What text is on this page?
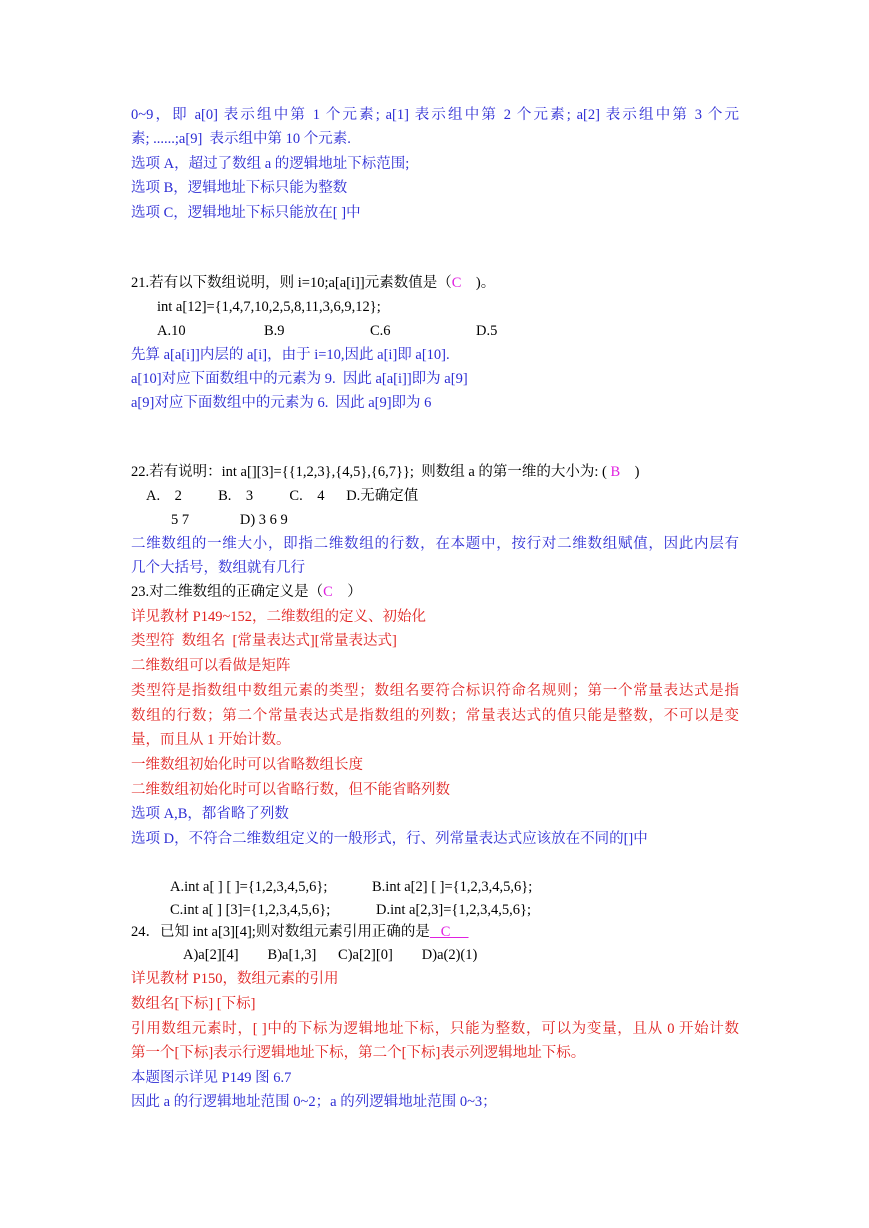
0~9，即 a[0] 表示组中第 1 个元素; a[1] 表示组中第 2 个元素; a[2] 表示组中第 3 个元
素; ......;a[9]  表示组中第 10 个元素.
选项 A，超过了数组 a 的逻辑地址下标范围;
选项 B，逻辑地址下标只能为整数
选项 C，逻辑地址下标只能放在[ ]中
21.若有以下数组说明，则 i=10;a[a[i]]元素数值是（C    )。
int a[12]={1,4,7,10,2,5,8,11,3,6,9,12};
A.10	B.9	C.6	D.5
先算 a[a[i]]内层的 a[i]，由于 i=10,因此 a[i]即 a[10].
a[10]对应下面数组中的元素为 9.  因此 a[a[i]]即为 a[9]
a[9]对应下面数组中的元素为 6.  因此 a[9]即为 6
22.若有说明：int a[][3]={{1,2,3},{4,5},{6,7}};  则数组 a 的第一维的大小为: ( B    )
A.    2          B.    3          C.    4      D.无确定值
5 7              D) 3 6 9
二维数组的一维大小，即指二维数组的行数，在本题中，按行对二维数组赋值，因此内层有
几个大括号，数组就有几行
23.对二维数组的正确定义是（C    ）
详见教材 P149~152，二维数组的定义、初始化
类型符  数组名  [常量表达式][常量表达式]
二维数组可以看做是矩阵
类型符是指数组中数组元素的类型；数组名要符合标识符命名规则；第一个常量表达式是指
数组的行数；第二个常量表达式是指数组的列数；常量表达式的值只能是整数，不可以是变
量，而且从 1 开始计数。
一维数组初始化时可以省略数组长度
二维数组初始化时可以省略行数，但不能省略列数
选项 A,B，都省略了列数
选项 D，不符合二维数组定义的一般形式，行、列常量表达式应该放在不同的[]中
A.int a[ ] [ ]={1,2,3,4,5,6};	B.int a[2] [ ]={1,2,3,4,5,6};
C.int a[ ] [3]={1,2,3,4,5,6};	D.int a[2,3]={1,2,3,4,5,6};
24．已知 int a[3][4];则对数组元素引用正确的是   C
A)a[2][4]        B)a[1,3]      C)a[2][0]        D)a(2)(1)
详见教材 P150，数组元素的引用
数组名[下标] [下标]
引用数组元素时，[ ]中的下标为逻辑地址下标，只能为整数，可以为变量，且从 0 开始计数
第一个[下标]表示行逻辑地址下标，第二个[下标]表示列逻辑地址下标。
本题图示详见 P149 图 6.7
因此 a 的行逻辑地址范围 0~2；a 的列逻辑地址范围 0~3；
